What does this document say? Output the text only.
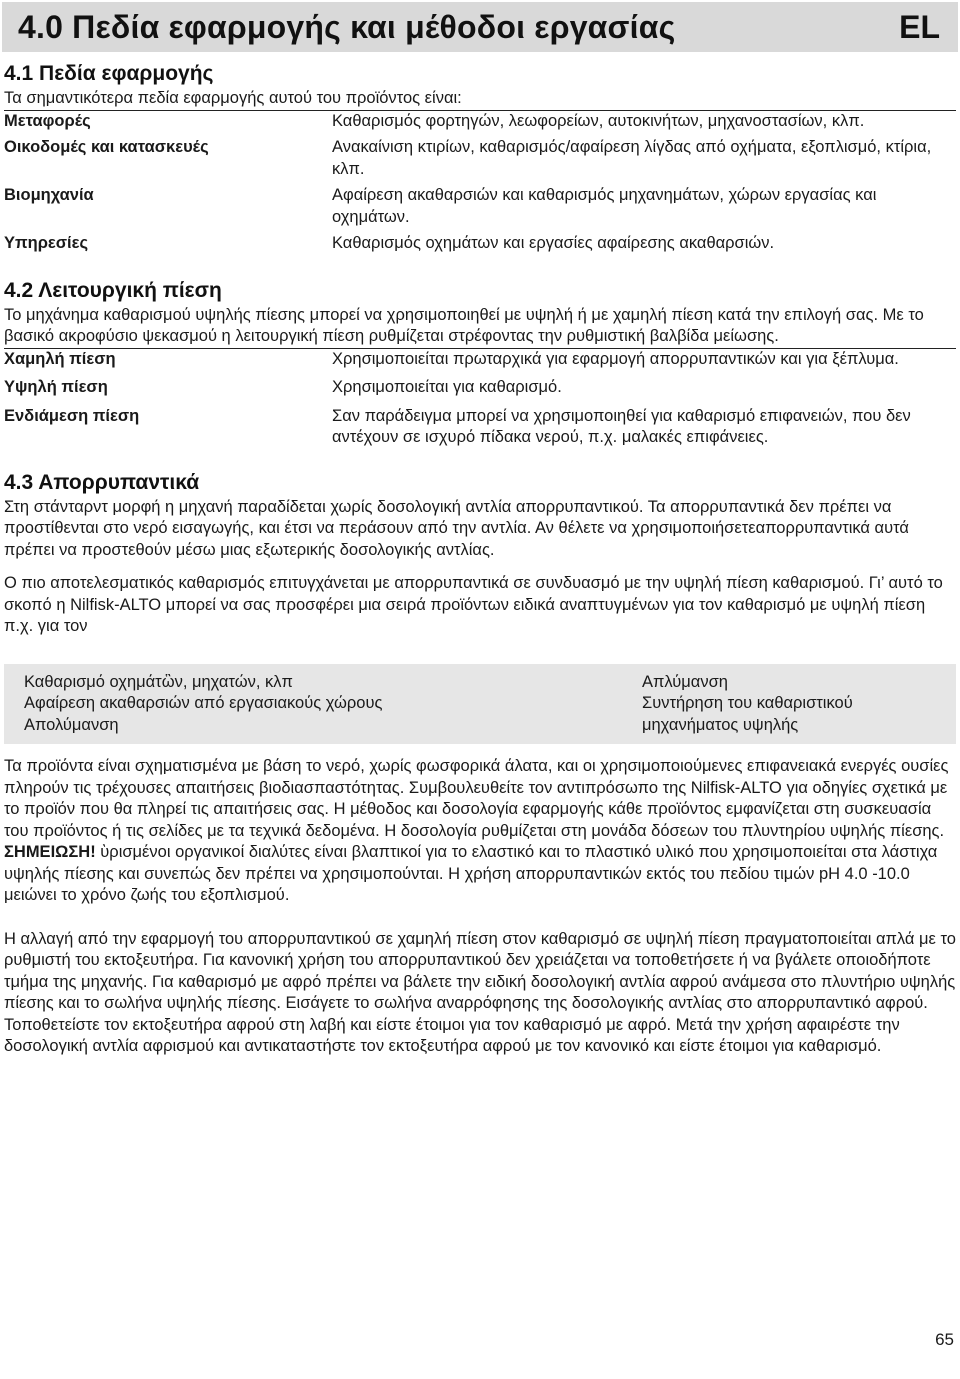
4.0 Πεδία εφαρμογής και μέθοδοι εργασίας	EL
4.1 Πεδία εφαρμογής
Τα σημαντικότερα πεδία εφαρμογής αυτού του προϊόντος είναι:
Μεταφορές	Καθαρισμός φορτηγών, λεωφορείων, αυτοκινήτων, μηχανοστασίων, κλπ.
Οικοδομές και κατασκευές	Ανακαίνιση κτιρίων, καθαρισμός/αφαίρεση λίγδας από οχήματα, εξοπλισμό, κτίρια, κλπ.
Βιομηχανία	Αφαίρεση ακαθαρσιών και καθαρισμός μηχανημάτων, χώρων εργασίας και οχημάτων.
Υπηρεσίες	Καθαρισμός οχημάτων και εργασίες αφαίρεσης ακαθαρσιών.
4.2 Λειτουργική πίεση
Το μηχάνημα καθαρισμού υψηλής πίεσης μπορεί να χρησιμοποιηθεί με υψηλή ή με χαμηλή πίεση κατά την επιλογή σας. Με το βασικό ακροφύσιο ψεκασμού η λειτουργική πίεση ρυθμίζεται στρέφοντας την ρυθμιστική βαλβίδα μείωσης.
Χαμηλή πίεση	Χρησιμοποιείται πρωταρχικά για εφαρμογή απορρυπαντικών και για ξέπλυμα.
Υψηλή πίεση	Χρησιμοποιείται για καθαρισμό.
Ενδιάμεση πίεση	Σαν παράδειγμα μπορεί να χρησιμοποιηθεί για καθαρισμό επιφανειών, που δεν αντέχουν σε ισχυρό πίδακα νερού, π.χ. μαλακές επιφάνειες.
4.3 Απορρυπαντικά
Στη στάνταρντ μορφή η μηχανή παραδίδεται χωρίς δοσολογική αντλία απορρυπαντικού. Τα απορρυπαντικά δεν πρέπει να προστίθενται στο νερό εισαγωγής, και έτσι να περάσουν από την αντλία. Αν θέλετε να χρησιμοποιήσετεαπορρυπαντικά αυτά πρέπει να προστεθούν μέσω μιας εξωτερικής δοσολογικής αντλίας.
Ο πιο αποτελεσματικός καθαρισμός επιτυγχάνεται με απορρυπαντικά σε συνδυασμό με την υψηλή πίεση καθαρισμού. Γι’ αυτό το σκοπό η Nilfisk-ALTO μπορεί να σας προσφέρει μια σειρά προϊόντων ειδικά αναπτυγμένων για τον καθαρισμό με υψηλή πίεση π.χ. για τον
Καθαρισμό οχημάτὣν, μηχατών, κλπ
Αφαίρεση ακαθαρσιών από εργασιακούς χώρους
Απολύμανση
Απλύμανση
Συντήρηση του καθαριστικού
μηχανήματος υψηλής
Τα προϊόντα είναι σχηματισμένα με βάση το νερό, χωρίς φωσφορικά άλατα, και οι χρησιμοποιούμενες επιφανειακά ενεργές ουσίες πληρούν τις τρέχουσες απαιτήσεις βιοδιασπαστότητας. Συμβουλευθείτε τον αντιπρόσωπο της Nilfisk-ALTO για οδηγίες σχετικά με το προϊόν που θα πληρεί τις απαιτήσεις σας. Η μέθοδος και δοσολογία εφαρμογής κάθε προϊόντος εμφανίζεται στη συσκευασία του προϊόντος ή τις σελίδες με τα τεχνικά δεδομένα. Η δοσολογία ρυθμίζεται στη μονάδα δόσεων του πλυντηρίου υψηλής πίεσης.
ΣΗΜΕΙΩΣΗ! ὺρισμένοι οργανικοί διαλύτες είναι βλαπτικοί για το ελαστικό και το πλαστικό υλικό που χρησιμοποιείται στα λάστιχα υψηλής πίεσης και συνεπώς δεν πρέπει να χρησιμοπούνται. Η χρήση απορρυπαντικών εκτός του πεδίου τιμών pH 4.0 -10.0 μειώνει το χρόνο ζωής του εξοπλισμού.
Η αλλαγή από την εφαρμογή του απορρυπαντικού σε χαμηλή πίεση στον καθαρισμό σε υψηλή πίεση πραγματοποιείται απλά με το ρυθμιστή του εκτοξευτήρα. Για κανονική χρήση του απορρυπαντικού δεν χρειάζεται να τοποθετήσετε ή να βγάλετε οποιοδήποτε τμήμα της μηχανής. Για καθαρισμό με αφρό πρέπει να βάλετε την ειδική δοσολογική αντλία αφρού ανάμεσα στο πλυντήριο υψηλής πίεσης και το σωλήνα υψηλής πίεσης. Εισάγετε το σωλήνα αναρρόφησης της δοσολογικής αντλίας στο απορρυπαντικό αφρού. Τοποθετείστε τον εκτοξευτήρα αφρού στη λαβή και είστε έτοιμοι για τον καθαρισμό με αφρό. Μετά την χρήση αφαιρέστε την δοσολογική αντλία αφρισμού και αντικαταστήστε τον εκτοξευτήρα αφρού με τον κανονικό και είστε έτοιμοι για καθαρισμό.
65
